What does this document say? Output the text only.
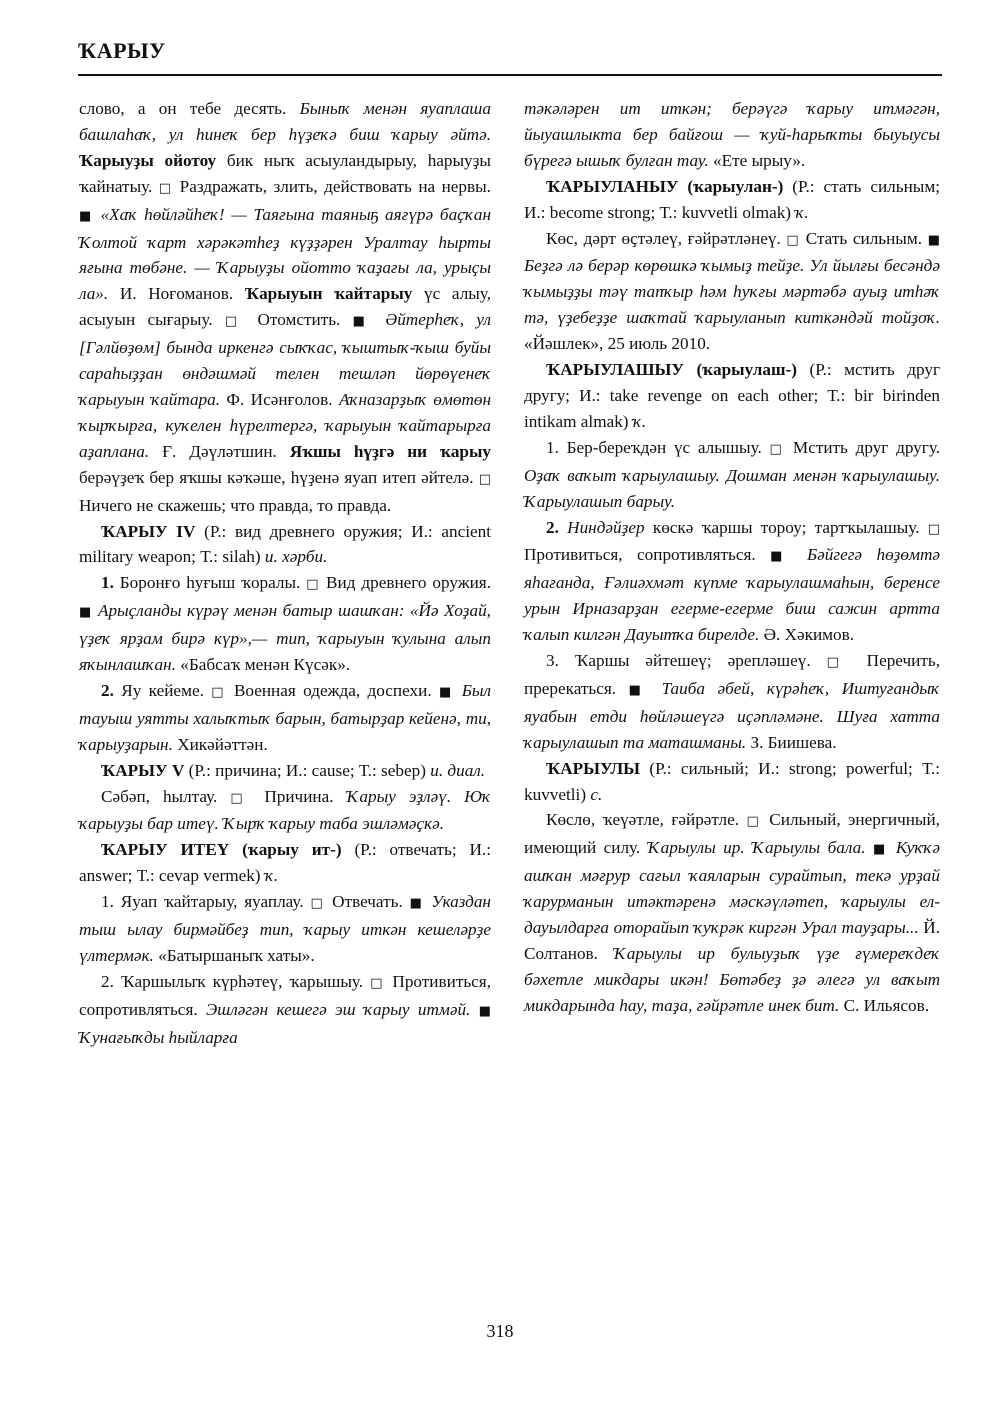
ҠАРЫУ

слово, а он тебе десять. Быныҡ менән яуаплаша башлаһаҡ, ул һинеҡ бер һүҙеҡә биш ҡарыу әйтә. Ҡарыуҙы ойотоу бик ныҡ асыуландырыу, һарыуҙы ҡайнатыу. □ Раздражать, злить, действовать на нервы. ■ «Хаҡ һөйләйһеҡ! — Таяғына таяныҕ аяғүрә баҫҡан Ҡолтой ҡарт хәрәкәтһеҙ күҙҙәрен Уралтау һырты яғына төбәне. — Ҡарыуҙы ойотто ҡаҙағы ла, урыҫы ла». И. Ноғоманов. Ҡарыуын ҡайтарыу үс алыу, асыуын сығарыу. □ Отомстить. ■ Әйтерһеҡ, ул [Гәлйөҙөм] бында иркенгә сыҡҡас, ҡыштыҡ-ҡыш буйы сараһыҙҙан өндәшмәй телен тешләп йөрөүенеҡ ҡарыуын ҡайтара. Ф. Исәнғолов. Аҡназарҙыҡ өмөтөн ҡырҡырға, куҡелен һүрелтергә, ҡарыуын ҡайтарырға аҙаплана. Ғ. Дәүләтшин. Яҡшы һүҙгә ни ҡарыу берәүҙеҡ бер яҡшы кәҡәше, һүҙенә яуап итеп әйтелә. □ Ничего не скажешь; что правда, то правда.

ҠАРЫУ IV (Р.: вид древнего оружия; И.: ancient military weapon; Т.: silah) и. хәрби.

1. Боронғо һуғыш ҡоралы. □ Вид древнего оружия. ■ Арыҫланды күрәү менән батыр шашҡан: «Йә Хоҙай, үҙеҡ ярҙам бирә күр»,— тип, ҡарыуын ҡулына алып яҡынлашҡан. «Бабсаҡ менән Күсәк».

2. Яу кейеме. □ Военная одежда, доспехи. ■ Был тауыш уятты халыҡтыҡ барын, батырҙар кейенә, ти, ҡарыуҙарын. Хикәйәттән.

ҠАРЫУ V (Р.: причина; И.: cause; Т.: sebep) и. диал.

Сәбәп, һылтау. □ Причина. Ҡарыу эҙләү. Юҡ ҡарыуҙы бар итеү. Ҡырҡ ҡарыу таба эшләмәҫкә.

ҠАРЫУ ИТЕҮ (ҡарыу ит-) (Р.: отвечать; И.: answer; Т.: cevap vermek) ҡ.

1. Яуап ҡайтарыу, яуаплау. □ Отвечать. ■ Указдан тыш ылау бирмәйбеҙ тип, ҡарыу иткән кешеләрҙе үлтермәк. «Батыршаныҡ хаты».

2. Ҡаршылыҡ күрһәтеү, ҡарышыу. □ Противиться, сопротивляться. Эшләгән кешегә эш ҡарыу итмәй. ■ Ҡунағыҡды һыйларға

тәкәләрен ит иткән; берәүгә ҡарыу итмәгән, йыуашлыкта бер байғош — ҡуй-һарыҡты быуыусы бүрегә ышыҡ булған тау. «Ете ырыу».

ҠАРЫУЛАНЫУ (ҡарыулан-) (Р.: стать сильным; И.: become strong; Т.: kuvvetli olmak) ҡ.

Көс, дәрт өҫтәлеү, ғәйрәтләнеү. □ Стать сильным. ■ Беҙгә лә берәр көрөшкә ҡымыҙ тейҙе. Ул йылғы бесәндә ҡымыҙҙы тәү тапҡыр һәм һуҡғы мәртәбә ауыҙ итһәҡ тә, үҙебеҙҙе шаҡтай ҡарыуланып киткәндәй тойҙоҡ. «Йәшлек», 25 июль 2010.

ҠАРЫУЛАШЫУ (ҡарыулаш-) (Р.: мстить друг другу; И.: take revenge on each other; Т.: bir birinden intikam almak) ҡ.

1. Бер-береҡдән үс алышыу. □ Мстить друг другу. Оҙаҡ ваҡыт ҡарыулашыу. Дошман менән ҡарыулашыу. Ҡарыулашып барыу.

2. Ниндәйҙер көскә ҡаршы тороу; тартҡылашыу. □ Противиться, сопротивляться. ■ Бәйгегә һөҙөмтә яһағанда, Ғәлиәхмәт күпме ҡарыулашмаһын, беренсе урын Ирназарҙан егерме-егерме биш сажин артта ҡалып килгән Дауытҡа бирелде. Ә. Хәкимов.

3. Ҡаршы әйтешеү; әрепләшеү. □ Перечить, пререкаться. ■ Таиба әбей, күрәһеҡ, Иштуғандыҡ яуабын етди һөйләшеүгә иҫәпләмәне. Шуға хатта ҡарыулашып та маташманы. З. Биишева.

ҠАРЫУЛЫ (Р.: сильный; И.: strong; powerful; Т.: kuvvetli) с.

Көслө, ҡеүәтле, ғәйрәтле. □ Сильный, энергичный, имеющий силу. Ҡарыулы ир. Ҡарыулы бала. ■ Куҡҡә ашҡан мәғрур сағыл ҡаяларын сурайтып, текә урҙай ҡарурманын итәктәренә мәскәүләтеп, ҡарыулы ел-дауылдарға оторайып ҡуҡрәк киргән Урал тауҙары... Й. Солтанов. Ҡарыулы ир булыуҙыҡ үҙе ғүмереҡдеҡ бәхетле микдары икән! Бөтәбеҙ ҙә әлегә ул ваҡыт микдарында һау, таҙа, ғәйрәтле инек бит. С. Ильясов.

318
